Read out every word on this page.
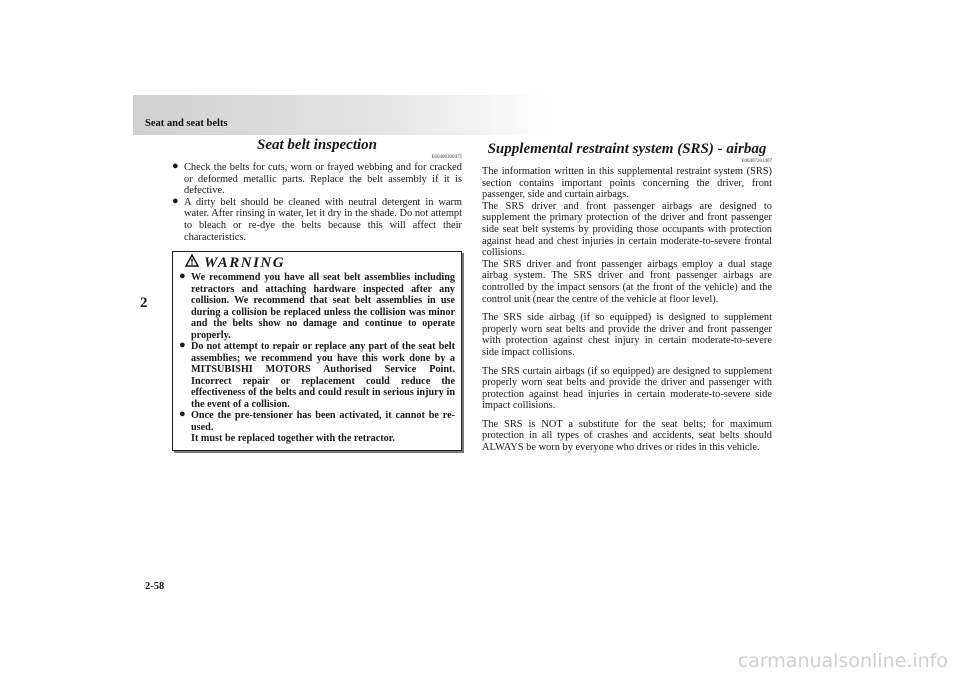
Seat and seat belts
2
Seat belt inspection
E00406300475
● Check the belts for cuts, worn or frayed webbing and for cracked or deformed metallic parts. Replace the belt assembly if it is defective.
● A dirty belt should be cleaned with neutral detergent in warm water. After rinsing in water, let it dry in the shade. Do not attempt to bleach or re-dye the belts because this will affect their characteristics.
WARNING
● We recommend you have all seat belt assemblies including retractors and attaching hardware inspected after any collision. We recommend that seat belt assemblies in use during a collision be replaced unless the collision was minor and the belts show no damage and continue to operate properly.
● Do not attempt to repair or replace any part of the seat belt assemblies; we recommend you have this work done by a MITSUBISHI MOTORS Authorised Service Point. Incorrect repair or replacement could reduce the effectiveness of the belts and could result in serious injury in the event of a collision.
● Once the pre-tensioner has been activated, it cannot be re-used.
It must be replaced together with the retractor.
Supplemental restraint system (SRS) - airbag
E00407201407

The information written in this supplemental restraint system (SRS) section contains important points concerning the driver, front passenger, side and curtain airbags.

The SRS driver and front passenger airbags are designed to supplement the primary protection of the driver and front passenger side seat belt systems by providing those occupants with protection against head and chest injuries in certain moderate-to-severe frontal collisions.

The SRS driver and front passenger airbags employ a dual stage airbag system. The SRS driver and front passenger airbags are controlled by the impact sensors (at the front of the vehicle) and the control unit (near the centre of the vehicle at floor level).

The SRS side airbag (if so equipped) is designed to supplement properly worn seat belts and provide the driver and front passenger with protection against chest injury in certain moderate-to-severe side impact collisions.

The SRS curtain airbags (if so equipped) are designed to supplement properly worn seat belts and provide the driver and passenger with protection against head injuries in certain moderate-to-severe side impact collisions.

The SRS is NOT a substitute for the seat belts; for maximum protection in all types of crashes and accidents, seat belts should ALWAYS be worn by everyone who drives or rides in this vehicle.

2-58
carmanualsonline.info
